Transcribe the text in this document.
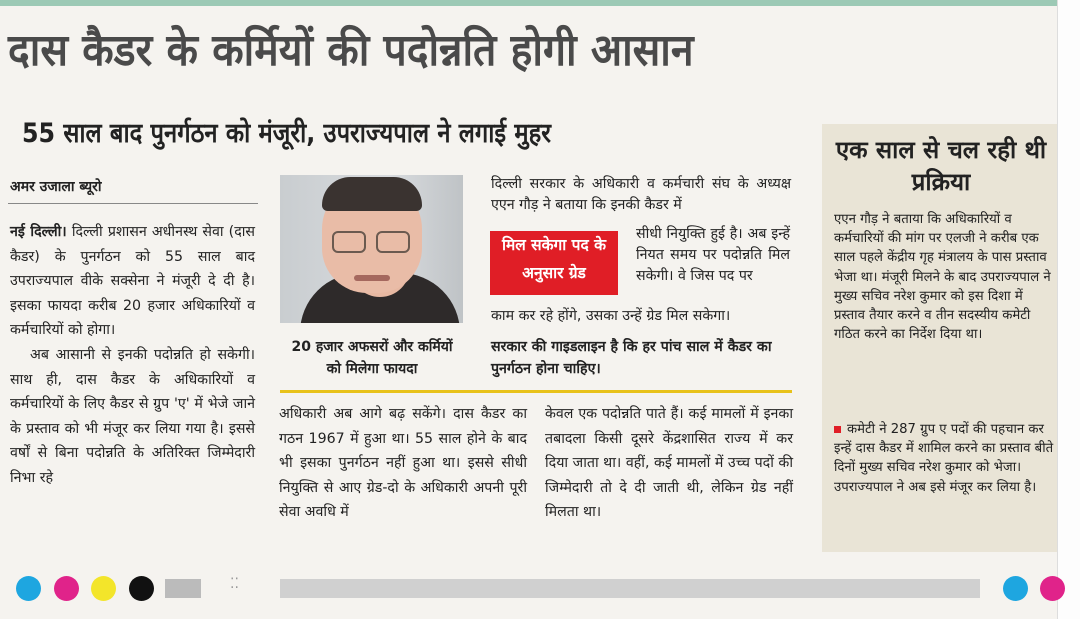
दास कैडर के कर्मियों की पदोन्नति होगी आसान
55 साल बाद पुनर्गठन को मंजूरी, उपराज्यपाल ने लगाई मुहर
अमर उजाला ब्यूरो

नई दिल्ली। दिल्ली प्रशासन अधीनस्थ सेवा (दास कैडर) के पुनर्गठन को 55 साल बाद उपराज्यपाल वीके सक्सेना ने मंजूरी दे दी है। इसका फायदा करीब 20 हजार अधिकारियों व कर्मचारियों को होगा।

अब आसानी से इनकी पदोन्नति हो सकेगी। साथ ही, दास कैडर के अधिकारियों व कर्मचारियों के लिए कैडर से ग्रुप 'ए' में भेजे जाने के प्रस्ताव को भी मंजूर कर लिया गया है। इससे वर्षों से बिना पदोन्नति के अतिरिक्त जिम्मेदारी निभा रहे

20 हजार अफसरों और कर्मियों को मिलेगा फायदा

दिल्ली सरकार के अधिकारी व कर्मचारी संघ के अध्यक्ष एएन गौड़ ने बताया कि इनकी कैडर में

मिल सकेगा पद के अनुसार ग्रेड
सीधी नियुक्ति हुई है। अब इन्हें नियत समय पर पदोन्नति मिल सकेगी। वे जिस पद पर
काम कर रहे होंगे, उसका उन्हें ग्रेड मिल सकेगा।
सरकार की गाइडलाइन है कि हर पांच साल में कैडर का पुनर्गठन होना चाहिए।
अधिकारी अब आगे बढ़ सकेंगे। दास कैडर का गठन 1967 में हुआ था। 55 साल होने के बाद भी इसका पुनर्गठन नहीं हुआ था। इससे सीधी नियुक्ति से आए ग्रेड-दो के अधिकारी अपनी पूरी सेवा अवधि में
केवल एक पदोन्नति पाते हैं। कई मामलों में इनका तबादला किसी दूसरे केंद्रशासित राज्य में कर दिया जाता था। वहीं, कई मामलों में उच्च पदों की जिम्मेदारी तो दे दी जाती थी, लेकिन ग्रेड नहीं मिलता था।
एक साल से चल रही थी प्रक्रिया
एएन गौड़ ने बताया कि अधिकारियों व कर्मचारियों की मांग पर एलजी ने करीब एक साल पहले केंद्रीय गृह मंत्रालय के पास प्रस्ताव भेजा था। मंजूरी मिलने के बाद उपराज्यपाल ने मुख्य सचिव नरेश कुमार को इस दिशा में प्रस्ताव तैयार करने व तीन सदस्यीय कमेटी गठित करने का निर्देश दिया था।
कमेटी ने 287 ग्रुप ए पदों की पहचान कर इन्हें दास कैडर में शामिल करने का प्रस्ताव बीते दिनों मुख्य सचिव नरेश कुमार को भेजा। उपराज्यपाल ने अब इसे मंजूर कर लिया है।
⁚⁚
